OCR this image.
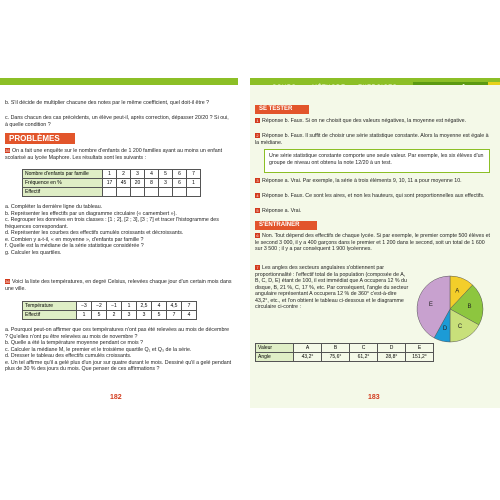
b. S'il décide de multiplier chacune des notes par le même coefficient, quel doit-il être ?
c. Dans chacun des cas précédents, un élève peut-il, après correction, dépasser 20/20 ? Si oui, à quelle condition ?
PROBLÈMES
35 On a fait une enquête sur le nombre d'enfants de 1 200 familles ayant au moins un enfant scolarisé au lycée Maphore. Les résultats sont les suivants :
Nombre d'enfants par famille	1	2	3	4	5	6	7
Fréquence en %	17	45	20	8	3	6	1
Effectif							
a. Compléter la dernière ligne du tableau.
b. Représenter les effectifs par un diagramme circulaire (« camembert »).
c. Regrouper les données en trois classes : [1 ; 2], [2 ; 3], [3 ; 7] et tracer l'histogramme des fréquences correspondant.
d. Représenter les courbes des effectifs cumulés croissants et décroissants.
e. Combien y a-t-il, « en moyenne », d'enfants par famille ?
f. Quelle est la médiane de la série statistique considérée ?
g. Calculer les quartiles.
36 Voici la liste des températures, en degré Celsius, relevées chaque jour d'un certain mois dans une ville.
Température	−3	−2	−1	1	2,5	4	4,5	7
Effectif	1	5	2	3	3	5	7	4
a. Pourquoi peut-on affirmer que ces températures n'ont pas été relevées au mois de décembre ? Qu'elles n'ont pu être relevées au mois de novembre ?
b. Quelle a été la température moyenne pendant ce mois ?
c. Calculer la médiane M, le premier et le troisième quartile Q₁ et Q₃ de la série.
d. Dresser le tableau des effectifs cumulés croissants.
e. Un tel affirme qu'il a gelé plus d'un jour sur quatre durant le mois. Dessiné qu'il a gelé pendant plus de 30 % des jours du mois. Que penser de ces affirmations ?
182
SE TESTER
1 Réponse b. Faux. Si on ne choisit que des valeurs négatives, la moyenne est négative.
2 Réponse b. Faux. Il suffit de choisir une série statistique constante. Alors la moyenne est égale à la médiane.
Une série statistique constante comporte une seule valeur. Par exemple, les six élèves d'un groupe de niveau ont obtenu la note 12/20 à un test.
3 Réponse a. Vrai. Par exemple, la série à trois éléments 9, 10, 11 a pour moyenne 10.
4 Réponse b. Faux. Ce sont les aires, et non les hauteurs, qui sont proportionnelles aux effectifs.
5 Réponse a. Vrai.
S'ENTRAÎNER
6 Non. Tout dépend des effectifs de chaque lycée. Si par exemple, le premier compte 500 élèves et le second 3 000, il y a 400 garçons dans le premier et 1 200 dans le second, soit un total de 1 600 sur 3 500 ; il y a par conséquent 1 900 lycéennes.
7 Les angles des secteurs angulaires s'obtiennent par proportionnalité : l'effectif total de la population (composée de A, B, C, D, E) étant de 100, il est immédiat que A occupera 12 % du disque, B, 21 %, C, 17 %, etc. Par conséquent, l'angle du secteur angulaire représentant A occupera 12 % de 360° c'est-à-dire 43,2°, etc., et l'on obtient le tableau ci-dessous et le diagramme circulaire ci-contre :
A
B
C
D
E
Valeur	A	B	C	D	E
Angle	43,2°	75,6°	61,2°	28,8°	151,2°
183
